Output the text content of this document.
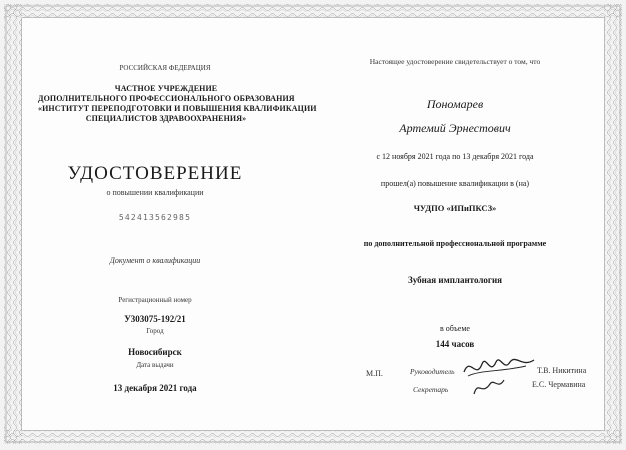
РОССИЙСКАЯ ФЕДЕРАЦИЯ
ЧАСТНОЕ УЧРЕЖДЕНИЕ
ДОПОЛНИТЕЛЬНОГО ПРОФЕССИОНАЛЬНОГО ОБРАЗОВАНИЯ
«ИНСТИТУТ ПЕРЕПОДГОТОВКИ И ПОВЫШЕНИЯ КВАЛИФИКАЦИИ
СПЕЦИАЛИСТОВ ЗДРАВООХРАНЕНИЯ»
УДОСТОВЕРЕНИЕ
о повышении квалификации
542413562985
Документ о квалификации
Регистрационный номер
У303075-192/21
Город
Новосибирск
Дата выдачи
13 декабря 2021 года
Настоящее удостоверение свидетельствует о том, что
Пономарев
Артемий Эрнестович
с 12 ноября 2021 года по 13 декабря 2021 года
прошел(а) повышение квалификации в (на)
ЧУДПО «ИПиПКСЗ»
по дополнительной профессиональной программе
Зубная имплантология
в объеме
144 часов
М.П.	Руководитель	Т.В. Никитина
Секретарь
Е.С. Чермавина
